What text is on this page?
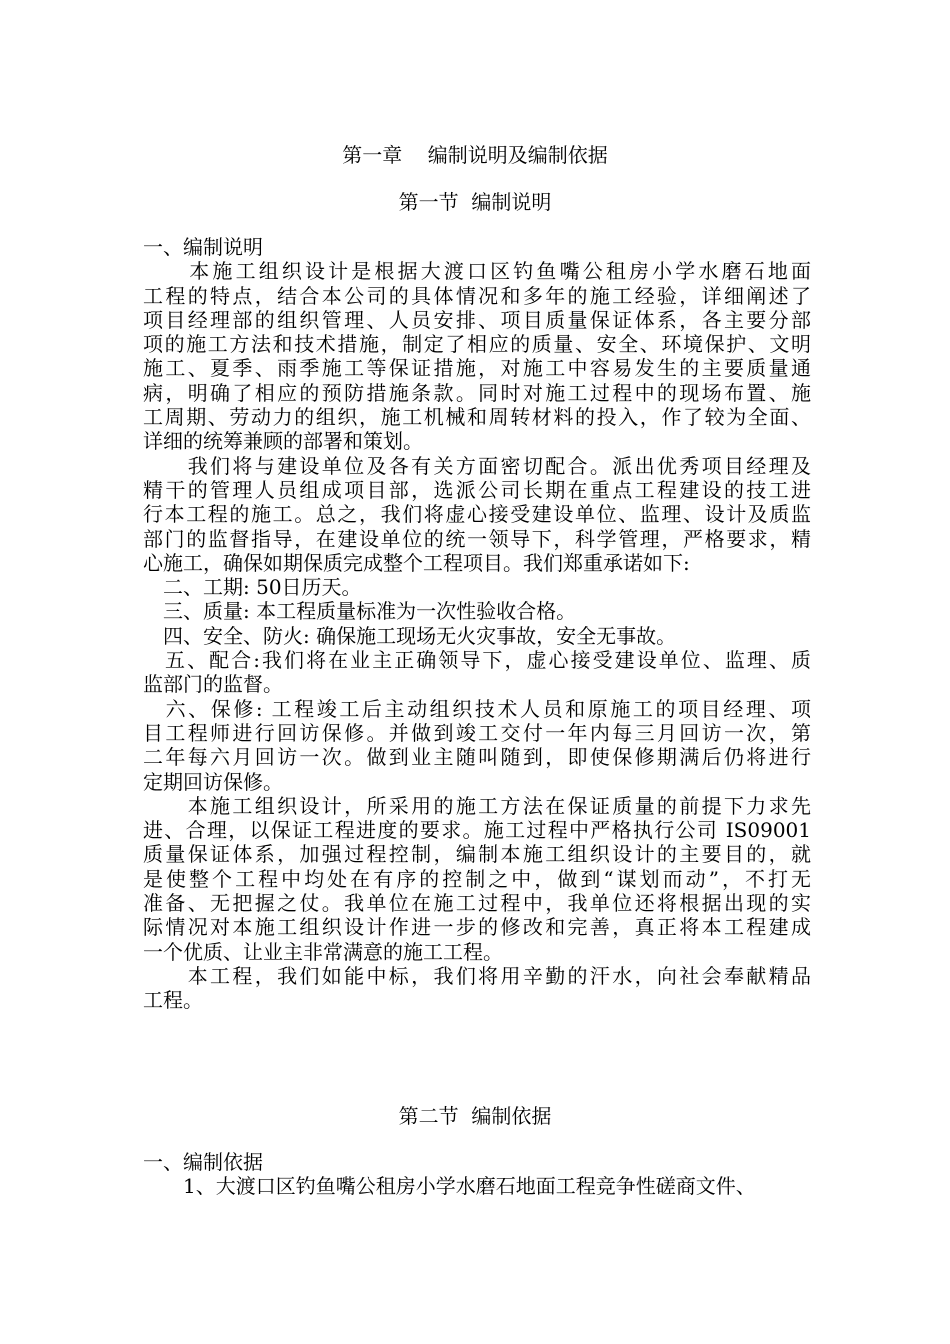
第一章    编制说明及编制依据
第一节  编制说明
一、编制说明
　　本施工组织设计是根据大渡口区钓鱼嘴公租房小学水磨石地面
工程的特点，结合本公司的具体情况和多年的施工经验，详细阐述了
项目经理部的组织管理、人员安排、项目质量保证体系，各主要分部
项的施工方法和技术措施，制定了相应的质量、安全、环境保护、文明
施工、夏季、雨季施工等保证措施，对施工中容易发生的主要质量通
病，明确了相应的预防措施条款。同时对施工过程中的现场布置、施
工周期、劳动力的组织，施工机械和周转材料的投入，作了较为全面、
详细的统筹兼顾的部署和策划。
　　我们将与建设单位及各有关方面密切配合。派出优秀项目经理及
精干的管理人员组成项目部，选派公司长期在重点工程建设的技工进
行本工程的施工。总之，我们将虚心接受建设单位、监理、设计及质监
部门的监督指导，在建设单位的统一领导下，科学管理，严格要求，精
心施工，确保如期保质完成整个工程项目。我们郑重承诺如下:
　二、工期: 50日历天。
　三、质量: 本工程质量标准为一次性验收合格。
　四、安全、防火: 确保施工现场无火灾事故，安全无事故。
　五、配合:我们将在业主正确领导下，虚心接受建设单位、监理、质
监部门的监督。
　六、保修: 工程竣工后主动组织技术人员和原施工的项目经理、项
目工程师进行回访保修。并做到竣工交付一年内每三月回访一次，第
二年每六月回访一次。做到业主随叫随到，即使保修期满后仍将进行
定期回访保修。
　　本施工组织设计，所采用的施工方法在保证质量的前提下力求先
进、合理，以保证工程进度的要求。施工过程中严格执行公司 IS09001
质量保证体系，加强过程控制，编制本施工组织设计的主要目的，就
是使整个工程中均处在有序的控制之中，做到“谋划而动”，不打无
准备、无把握之仗。我单位在施工过程中，我单位还将根据出现的实
际情况对本施工组织设计作进一步的修改和完善，真正将本工程建成
一个优质、让业主非常满意的施工工程。
　　本工程，我们如能中标，我们将用辛勤的汗水，向社会奉献精品
工程。
第二节  编制依据
一、编制依据
　　1、大渡口区钓鱼嘴公租房小学水磨石地面工程竞争性磋商文件、
